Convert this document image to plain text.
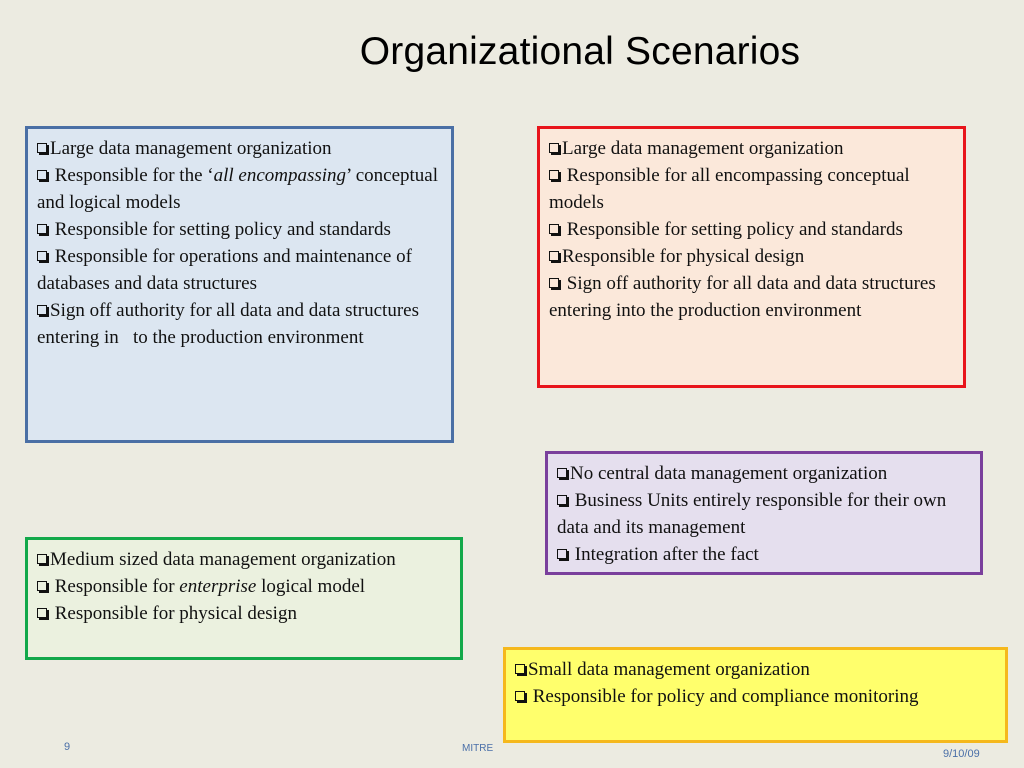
Organizational Scenarios
Large data management organization
Responsible for the ‘all encompassing’ conceptual and logical models
Responsible for setting policy and standards
Responsible for operations and maintenance of databases and data structures
Sign off authority for all data and data structures entering in   to the production environment
Large data management organization
Responsible for all encompassing conceptual models
Responsible for setting policy and standards
Responsible for physical design
Sign off authority for all data and data structures entering into the production environment
No central data management organization
Business Units entirely responsible for their own data and its management
Integration after the fact
Medium sized data management organization
Responsible for enterprise logical model
Responsible for physical design
Small data management organization
Responsible for policy and compliance monitoring
9	MITRE	9/10/09
